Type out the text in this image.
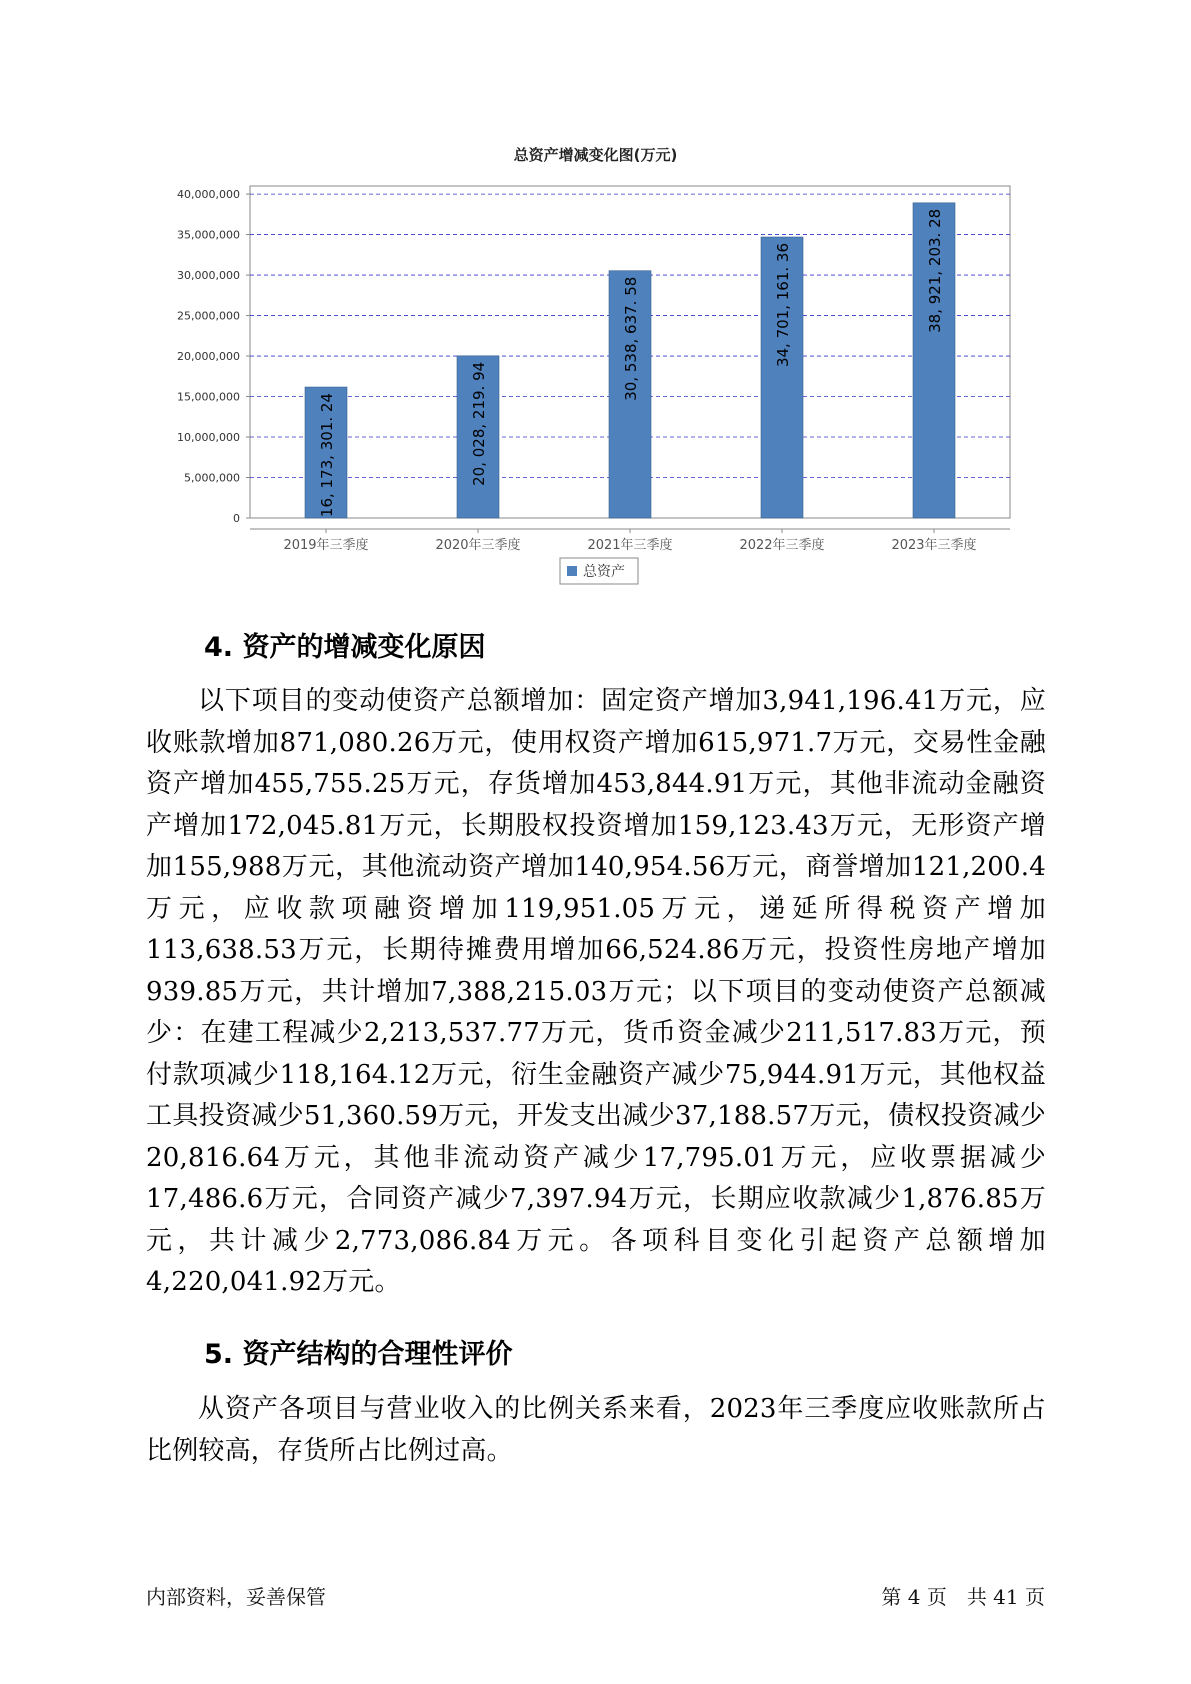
总资产增减变化图(万元)
0
5,000,000
10,000,000
15,000,000
20,000,000
25,000,000
30,000,000
35,000,000
40,000,000
16, 173, 301. 24
2019年三季度
20, 028, 219. 94
2020年三季度
30, 538, 637. 58
2021年三季度
34, 701, 161. 36
2022年三季度
38, 921, 203. 28
2023年三季度
总资产
4. 资产的增减变化原因

以下项目的变动使资产总额增加：固定资产增加3,941,196.41万元，应收账款增加871,080.26万元，使用权资产增加615,971.7万元，交易性金融资产增加455,755.25万元，存货增加453,844.91万元，其他非流动金融资产增加172,045.81万元，长期股权投资增加159,123.43万元，无形资产增加155,988万元，其他流动资产增加140,954.56万元，商誉增加121,200.4万元，应收款项融资增加119,951.05万元，递延所得税资产增加113,638.53万元，长期待摊费用增加66,524.86万元，投资性房地产增加939.85万元，共计增加7,388,215.03万元；以下项目的变动使资产总额减少：在建工程减少2,213,537.77万元，货币资金减少211,517.83万元，预付款项减少118,164.12万元，衍生金融资产减少75,944.91万元，其他权益工具投资减少51,360.59万元，开发支出减少37,188.57万元，债权投资减少20,816.64万元，其他非流动资产减少17,795.01万元，应收票据减少17,486.6万元，合同资产减少7,397.94万元，长期应收款减少1,876.85万元，共计减少2,773,086.84万元。各项科目变化引起资产总额增加4,220,041.92万元。

5. 资产结构的合理性评价

从资产各项目与营业收入的比例关系来看，2023年三季度应收账款所占比例较高，存货所占比例过高。

内部资料，妥善保管	第 4 页　共 41 页
